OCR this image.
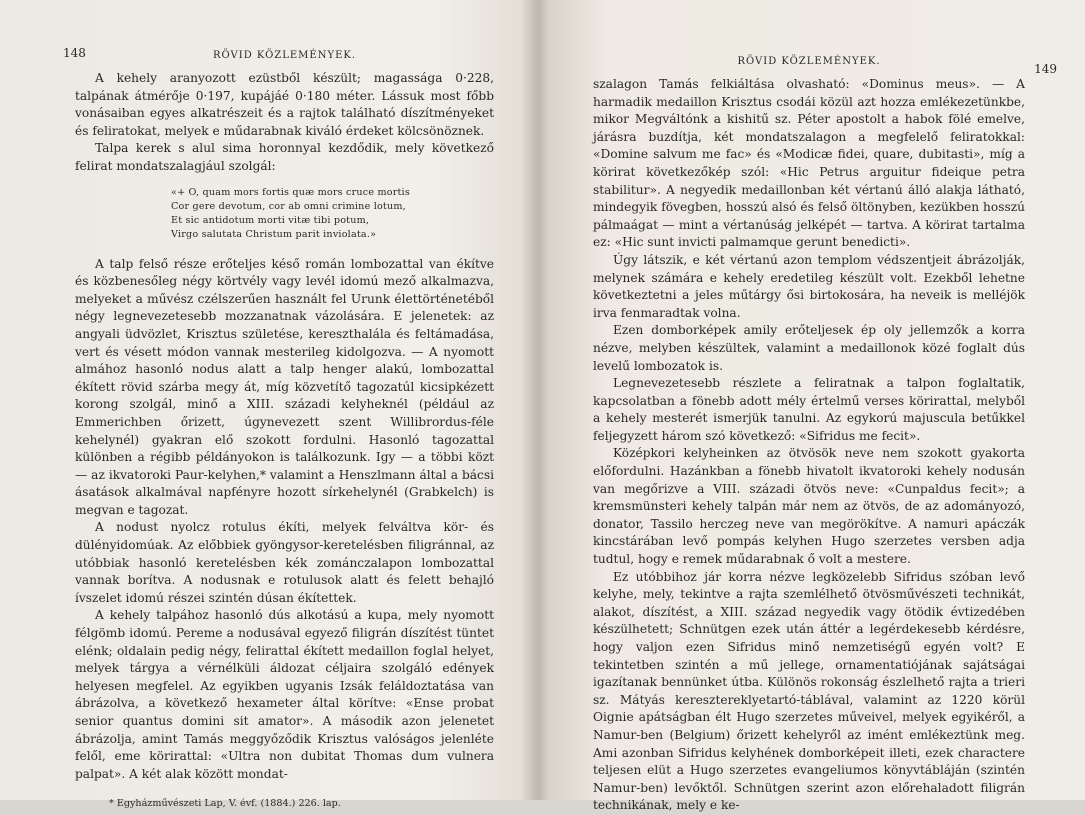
148	RÖVID KÖZLEMÉNYEK.

A kehely aranyozott ezüstből készült; magassága 0·228, talpának átmérője 0·197, kupájáé 0·180 méter. Lássuk most főbb vonásaiban egyes alkatrészeit és a rajtok található díszítményeket és feliratokat, melyek e műdarabnak kiváló érdeket kölcsönöznek.

Talpa kerek s alul sima horonnyal kezdődik, mely következő felirat mondatszalagjául szolgál:

«+ O, quam mors fortis quæ mors cruce mortis
Cor gere devotum, cor ab omni crimine lotum,
Et sic antidotum morti vitæ tibi potum,
Virgo salutata Christum parit inviolata.»

A talp felső része erőteljes késő román lombozattal van ékítve és közbenesőleg négy körtvély vagy levél idomú mező alkalmazva, melyeket a művész czélszerűen használt fel Urunk élettörténetéből négy legnevezetesebb mozzanatnak vázolására. E jelenetek: az angyali üdvözlet, Krisztus születése, kereszthalála és feltámadása, vert és vésett módon vannak mesterileg kidolgozva. — A nyomott almához hasonló nodus alatt a talp henger alakú, lombozattal ékített rövid szárba megy át, míg közvetítő tagozatúl kicsipkézett korong szolgál, minő a XIII. századi kelyheknél (például az Emmerichben őrizett, úgynevezett szent Willibrordus-féle kehelynél) gyakran elő szokott fordulni. Hasonló tagozattal különben a régibb példányokon is találkozunk. Igy — a többi közt — az ikvatoroki Paur-kelyhen,* valamint a Henszlmann által a bácsi ásatások alkalmával napfényre hozott sírkehelynél (Grabkelch) is megvan e tagozat.

A nodust nyolcz rotulus ékíti, melyek felváltva kör- és dülényidomúak. Az előbbiek gyöngysor-keretelésben filigránnal, az utóbbiak hasonló keretelésben kék zománczalapon lombozattal vannak borítva. A nodusnak e rotulusok alatt és felett behajló ívszelet idomú részei szintén dúsan ékítettek.

A kehely talpához hasonló dús alkotású a kupa, mely nyomott félgömb idomú. Pereme a nodusával egyező filigrán díszítést tüntet elénk; oldalain pedig négy, felirattal ékített medaillon foglal helyet, melyek tárgya a vérnélküli áldozat céljaira szolgáló edények helyesen megfelel. Az egyikben ugyanis Izsák feláldoztatása van ábrázolva, a következő hexameter által körítve: «Ense probat senior quantus domini sit amator». A második azon jelenetet ábrázolja, amint Tamás meggyőződik Krisztus valóságos jelenléte felől, eme körirattal: «Ultra non dubitat Thomas dum vulnera palpat». A két alak között mondat-

* Egyházművészeti Lap, V. évf. (1884.) 226. lap.
149
RÖVID KÖZLEMÉNYEK.

szalagon Tamás felkiáltása olvasható: «Dominus meus». — A harmadik medaillon Krisztus csodái közül azt hozza emlékezetünkbe, mikor Megváltónk a kishitű sz. Péter apostolt a habok fölé emelve, járásra buzdítja, két mondatszalagon a megfelelő feliratokkal: «Domine salvum me fac» és «Modicæ fidei, quare, dubitasti», míg a körirat következőkép szól: «Hic Petrus arguitur fideique petra stabilitur». A negyedik medaillonban két vértanú álló alakja látható, mindegyik fövegben, hosszú alsó és felső öltönyben, kezükben hosszú pálmaágat — mint a vértanúság jelképét — tartva. A körirat tartalma ez: «Hic sunt invicti palmamque gerunt benedicti».

Úgy látszik, e két vértanú azon templom védszentjeit ábrázolják, melynek számára e kehely eredetileg készült volt. Ezekből lehetne következtetni a jeles műtárgy ősi birtokosára, ha neveik is melléjök irva fenmaradtak volna.

Ezen domborképek amily erőteljesek ép oly jellemzők a korra nézve, melyben készültek, valamint a medaillonok közé foglalt dús levelű lombozatok is.

Legnevezetesebb részlete a feliratnak a talpon foglaltatik, kapcsolatban a fönebb adott mély értelmű verses körirattal, melyből a kehely mesterét ismerjük tanulni. Az egykorú majuscula betűkkel feljegyzett három szó következő: «Sifridus me fecit».

Középkori kelyheinken az ötvösök neve nem szokott gyakorta előfordulni. Hazánkban a fönebb hivatolt ikvatoroki kehely nodusán van megőrizve a VIII. századi ötvös neve: «Cunpaldus fecit»; a kremsmünsteri kehely talpán már nem az ötvös, de az adományozó, donator, Tassilo herczeg neve van megörökítve. A namuri apáczák kincstárában levő pompás kelyhen Hugo szerzetes versben adja tudtul, hogy e remek műdarabnak ő volt a mestere.

Ez utóbbihoz jár korra nézve legközelebb Sifridus szóban levő kelyhe, mely, tekintve a rajta szemlélhető ötvösművészeti technikát, alakot, díszítést, a XIII. század negyedik vagy ötödik évtizedében készülhetett; Schnütgen ezek után áttér a legérdekesebb kérdésre, hogy valjon ezen Sifridus minő nemzetiségű egyén volt? E tekintetben szintén a mű jellege, ornamentatiójának sajátságai igazítanak bennünket útba. Különös rokonság észlelhető rajta a trieri sz. Mátyás keresztereklyetartó-táblával, valamint az 1220 körül Oignie apátságban élt Hugo szerzetes műveivel, melyek egyikéről, a Namur-ben (Belgium) őrizett kehelyről az imént emlékeztünk meg. Ami azonban Sifridus kelyhének domborképeit illeti, ezek charactere teljesen elüt a Hugo szerzetes evangeliumos könyvtábláján (szintén Namur-ben) levőktől. Schnütgen szerint azon előrehaladott filigrán technikának, mely e ke-
